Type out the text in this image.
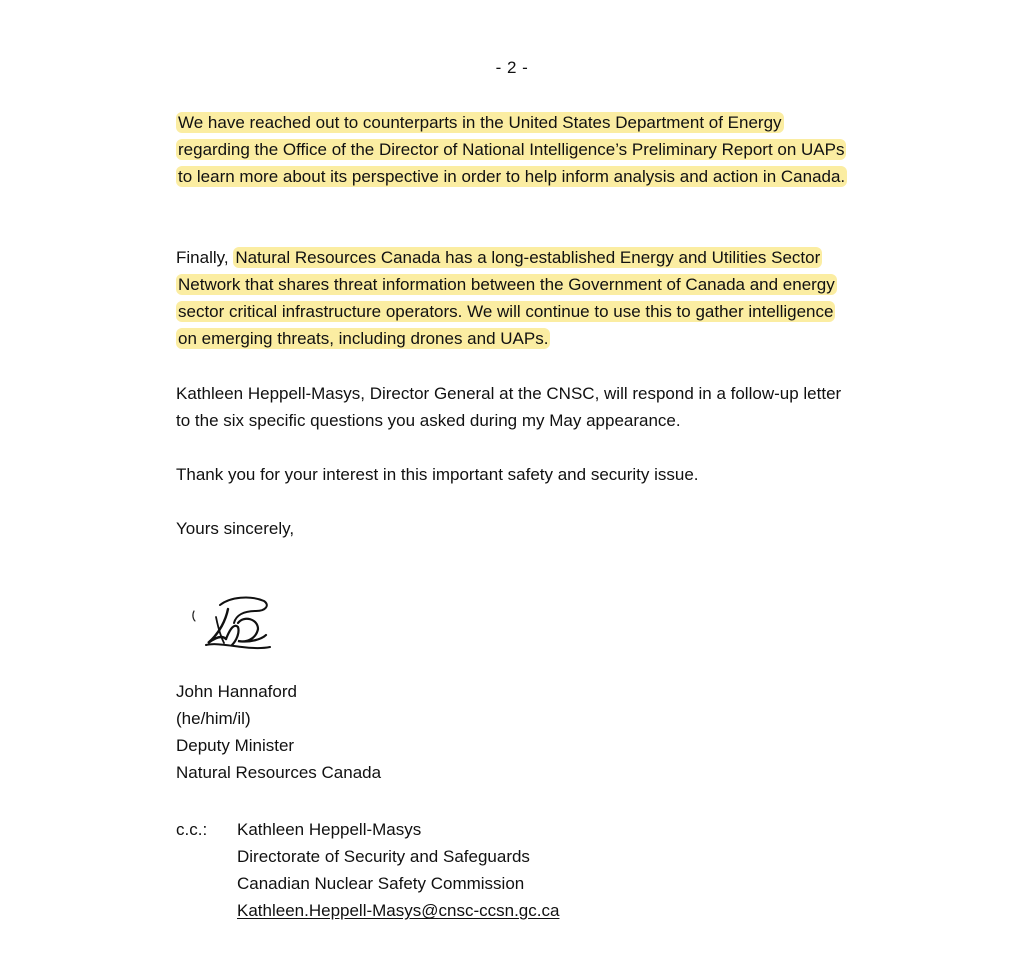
- 2 -

We have reached out to counterparts in the United States Department of Energy regarding the Office of the Director of National Intelligence’s Preliminary Report on UAPs to learn more about its perspective in order to help inform analysis and action in Canada.

Finally, Natural Resources Canada has a long-established Energy and Utilities Sector Network that shares threat information between the Government of Canada and energy sector critical infrastructure operators. We will continue to use this to gather intelligence on emerging threats, including drones and UAPs.

Kathleen Heppell-Masys, Director General at the CNSC, will respond in a follow-up letter to the six specific questions you asked during my May appearance.

Thank you for your interest in this important safety and security issue.

Yours sincerely,

John Hannaford
(he/him/il)
Deputy Minister
Natural Resources Canada
c.c.: Kathleen Heppell-Masys
Directorate of Security and Safeguards
Canadian Nuclear Safety Commission
Kathleen.Heppell-Masys@cnsc-ccsn.gc.ca
